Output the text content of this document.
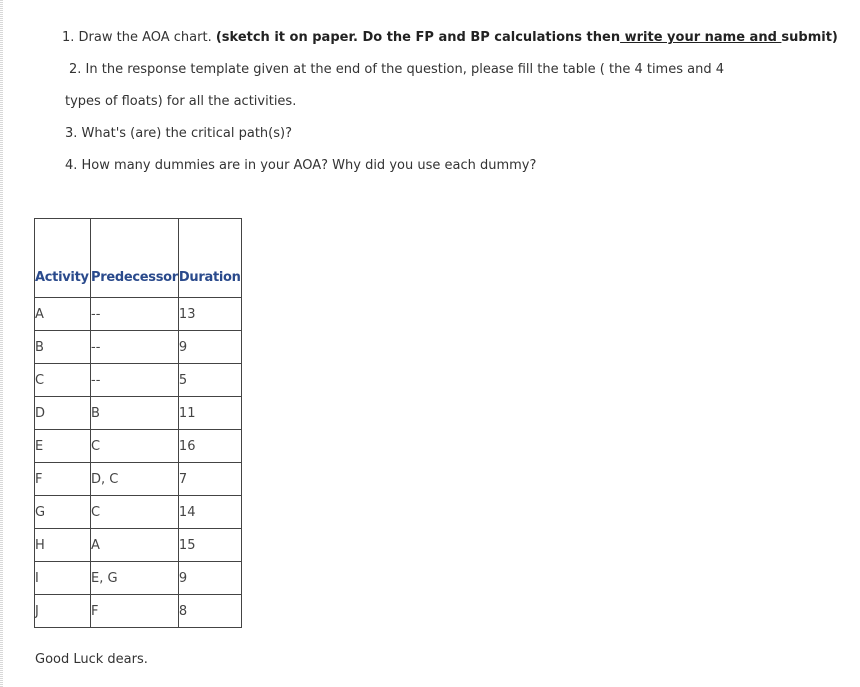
1. Draw the AOA chart. (sketch it on paper. Do the FP and BP calculations then write your name and submit)
2. In the response template given at the end of the question, please fill the table ( the 4 times and 4
types of floats) for all the activities.
3. What's (are) the critical path(s)?
4. How many dummies are in your AOA? Why did you use each dummy?
Activity	Predecessor	Duration
A	--	13
B	--	9
C	--	5
D	B	11
E	C	16
F	D, C	7
G	C	14
H	A	15
I	E, G	9
J	F	8
Good Luck dears.
